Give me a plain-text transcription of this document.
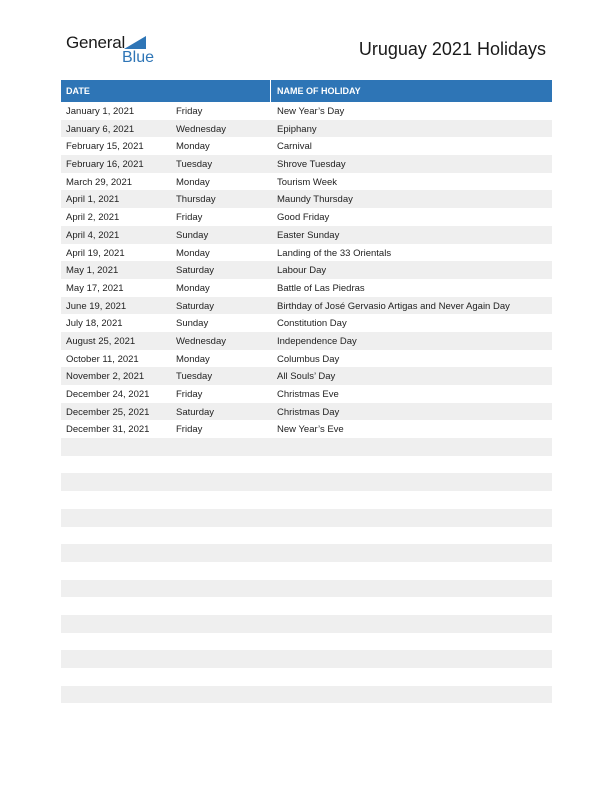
General
Blue	Uruguay 2021 Holidays
DATE	NAME OF HOLIDAY
January 1, 2021	Friday	New Year’s Day
January 6, 2021	Wednesday	Epiphany
February 15, 2021	Monday	Carnival
February 16, 2021	Tuesday	Shrove Tuesday
March 29, 2021	Monday	Tourism Week
April 1, 2021	Thursday	Maundy Thursday
April 2, 2021	Friday	Good Friday
April 4, 2021	Sunday	Easter Sunday
April 19, 2021	Monday	Landing of the 33 Orientals
May 1, 2021	Saturday	Labour Day
May 17, 2021	Monday	Battle of Las Piedras
June 19, 2021	Saturday	Birthday of José Gervasio Artigas and Never Again Day
July 18, 2021	Sunday	Constitution Day
August 25, 2021	Wednesday	Independence Day
October 11, 2021	Monday	Columbus Day
November 2, 2021	Tuesday	All Souls’ Day
December 24, 2021	Friday	Christmas Eve
December 25, 2021	Saturday	Christmas Day
December 31, 2021	Friday	New Year’s Eve
